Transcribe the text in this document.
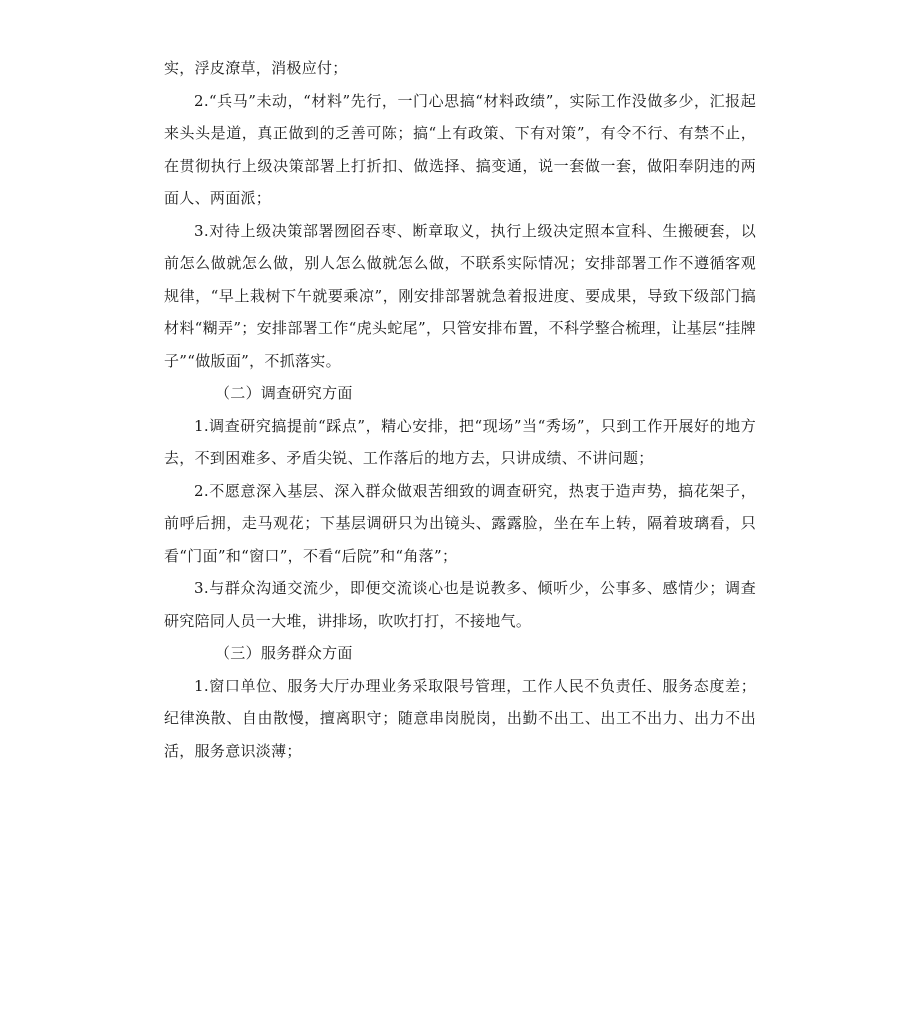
实，浮皮潦草，消极应付；

2.“兵马”未动，“材料”先行，一门心思搞“材料政绩”，实际工作没做多少，汇报起来头头是道，真正做到的乏善可陈；搞“上有政策、下有对策”，有令不行、有禁不止，在贯彻执行上级决策部署上打折扣、做选择、搞变通，说一套做一套，做阳奉阴违的两面人、两面派；

3.对待上级决策部署囫囵吞枣、断章取义，执行上级决定照本宣科、生搬硬套，以前怎么做就怎么做，别人怎么做就怎么做，不联系实际情况；安排部署工作不遵循客观规律，“早上栽树下午就要乘凉”，刚安排部署就急着报进度、要成果，导致下级部门搞材料“糊弄”；安排部署工作“虎头蛇尾”，只管安排布置，不科学整合梳理，让基层“挂牌子”“做版面”，不抓落实。

（二）调查研究方面

1.调查研究搞提前“踩点”，精心安排，把“现场”当“秀场”，只到工作开展好的地方去，不到困难多、矛盾尖锐、工作落后的地方去，只讲成绩、不讲问题；

2.不愿意深入基层、深入群众做艰苦细致的调查研究，热衷于造声势，搞花架子，前呼后拥，走马观花；下基层调研只为出镜头、露露脸，坐在车上转，隔着玻璃看，只看“门面”和“窗口”，不看“后院”和“角落”；

3.与群众沟通交流少，即便交流谈心也是说教多、倾听少，公事多、感情少；调查研究陪同人员一大堆，讲排场，吹吹打打，不接地气。

（三）服务群众方面

1.窗口单位、服务大厅办理业务采取限号管理，工作人民不负责任、服务态度差；纪律涣散、自由散慢，擅离职守；随意串岗脱岗，出勤不出工、出工不出力、出力不出活，服务意识淡薄；
